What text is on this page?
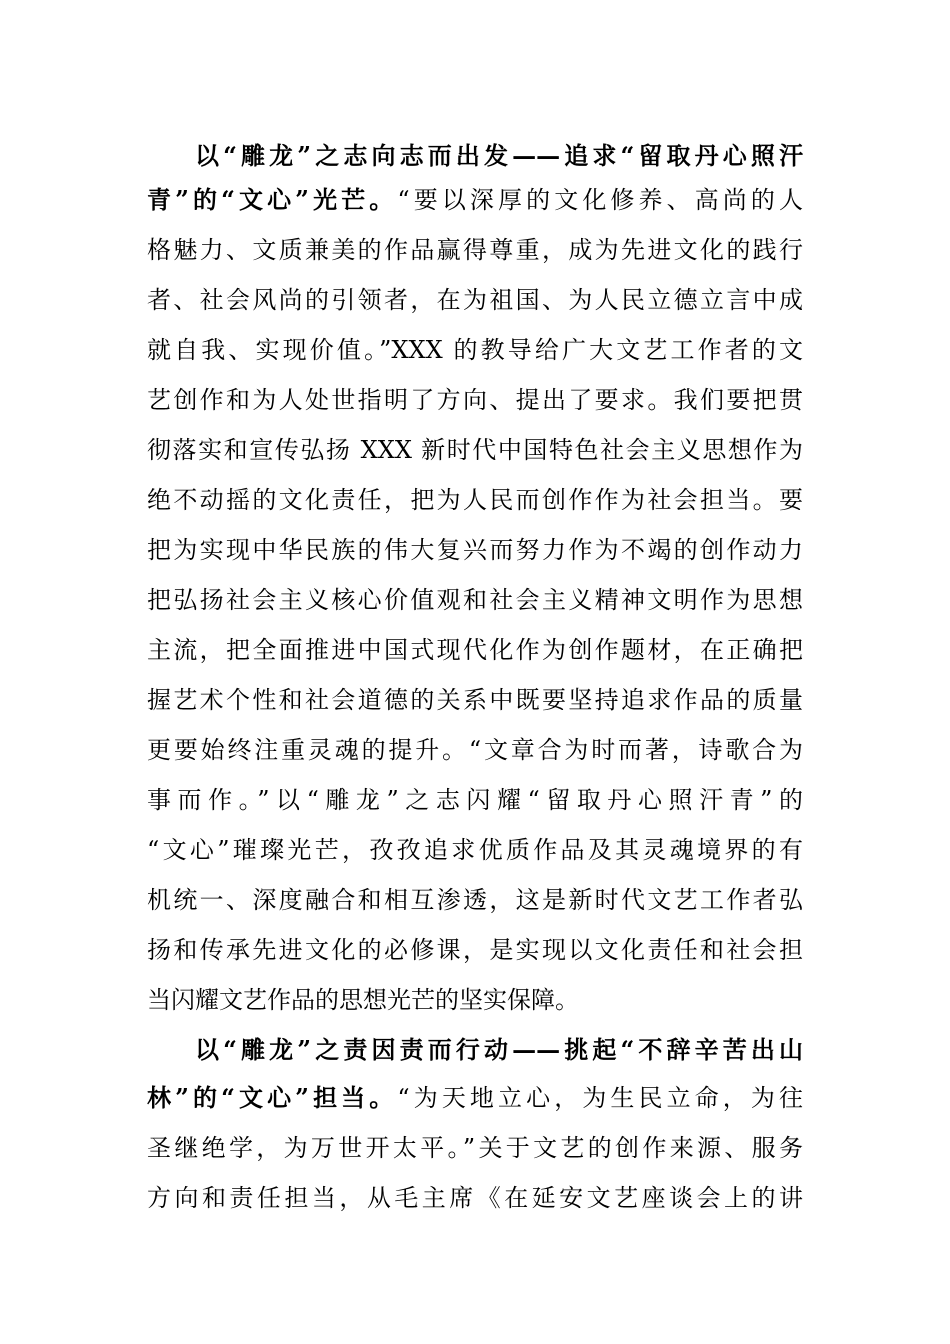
以“雕龙”之志向志而出发——追求“留取丹心照汗
青”的“文心”光芒。“要以深厚的文化修养、高尚的人
格魅力、文质兼美的作品赢得尊重，成为先进文化的践行
者、社会风尚的引领者，在为祖国、为人民立德立言中成
就自我、实现价值。”XXX 的教导给广大文艺工作者的文
艺创作和为人处世指明了方向、提出了要求。我们要把贯
彻落实和宣传弘扬 XXX 新时代中国特色社会主义思想作为
绝不动摇的文化责任，把为人民而创作作为社会担当。要
把为实现中华民族的伟大复兴而努力作为不竭的创作动力
把弘扬社会主义核心价值观和社会主义精神文明作为思想
主流，把全面推进中国式现代化作为创作题材，在正确把
握艺术个性和社会道德的关系中既要坚持追求作品的质量
更要始终注重灵魂的提升。“文章合为时而著，诗歌合为
事而作。”以“雕龙”之志闪耀“留取丹心照汗青”的
“文心”璀璨光芒，孜孜追求优质作品及其灵魂境界的有
机统一、深度融合和相互渗透，这是新时代文艺工作者弘
扬和传承先进文化的必修课，是实现以文化责任和社会担
当闪耀文艺作品的思想光芒的坚实保障。
以“雕龙”之责因责而行动——挑起“不辞辛苦出山
林”的“文心”担当。“为天地立心，为生民立命，为往
圣继绝学，为万世开太平。”关于文艺的创作来源、服务
方向和责任担当，从毛主席《在延安文艺座谈会上的讲
